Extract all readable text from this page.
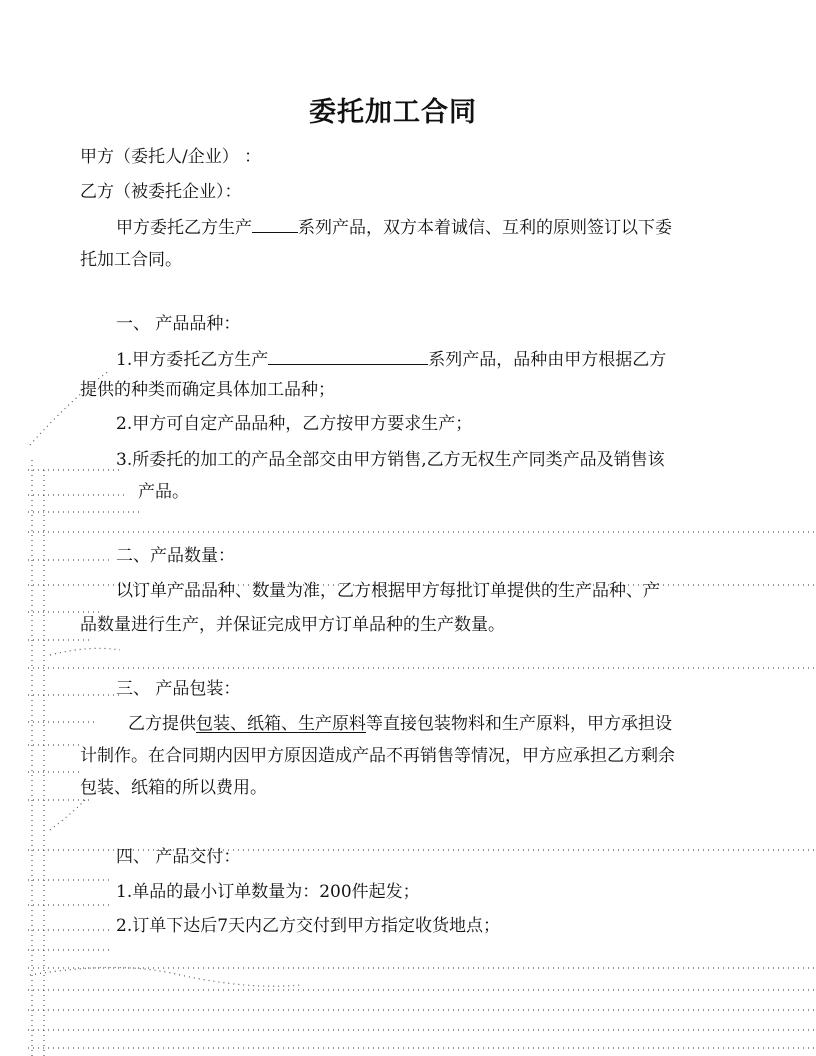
委托加工合同
甲方（委托人/企业） ：
乙方（被委托企业）：
甲方委托乙方生产	系列产品，双方本着诚信、互利的原则签订以下委
托加工合同。
一、 产品品种：
1.甲方委托乙方生产	系列产品，品种由甲方根据乙方
提供的种类而确定具体加工品种；
2.甲方可自定产品品种，乙方按甲方要求生产；
3.所委托的加工的产品全部交由甲方销售,乙方无权生产同类产品及销售该
产品。
二、产品数量：
以订单产品品种、数量为准，乙方根据甲方每批订单提供的生产品种、产
品数量进行生产，并保证完成甲方订单品种的生产数量。
三、 产品包装：
乙方提供包装、纸箱、生产原料等直接包装物料和生产原料，甲方承担设
计制作。在合同期内因甲方原因造成产品不再销售等情况，甲方应承担乙方剩余
包装、纸箱的所以费用。
四、 产品交付：
1.单品的最小订单数量为：200件起发；
2.订单下达后7天内乙方交付到甲方指定收货地点；
